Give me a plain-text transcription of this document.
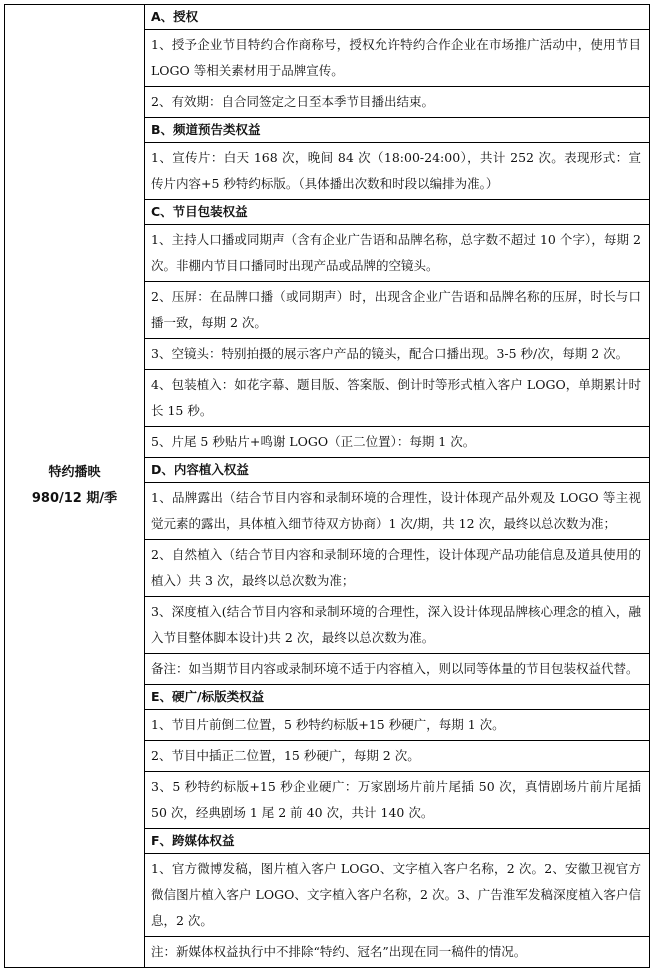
特约播映
980/12 期/季

A、授权
1、授予企业节目特约合作商称号，授权允许特约合作企业在市场推广活动中，使用节目 LOGO 等相关素材用于品牌宣传。
2、有效期：自合同签定之日至本季节目播出结束。
B、频道预告类权益
1、宣传片：白天 168 次，晚间 84 次（18:00-24:00），共计 252 次。表现形式：宣传片内容+5 秒特约标版。（具体播出次数和时段以编排为准。）
C、节目包装权益
1、主持人口播或同期声（含有企业广告语和品牌名称，总字数不超过 10 个字），每期 2 次。非棚内节目口播同时出现产品或品牌的空镜头。
2、压屏：在品牌口播（或同期声）时，出现含企业广告语和品牌名称的压屏，时长与口播一致，每期 2 次。
3、空镜头：特别拍摄的展示客户产品的镜头，配合口播出现。3-5 秒/次，每期 2 次。
4、包装植入：如花字幕、题目版、答案版、倒计时等形式植入客户 LOGO，单期累计时长 15 秒。
5、片尾 5 秒贴片+鸣谢 LOGO（正二位置）：每期 1 次。
D、内容植入权益
1、品牌露出（结合节目内容和录制环境的合理性，设计体现产品外观及 LOGO 等主视觉元素的露出，具体植入细节待双方协商）1 次/期，共 12 次，最终以总次数为准；
2、自然植入（结合节目内容和录制环境的合理性，设计体现产品功能信息及道具使用的植入）共 3 次，最终以总次数为准；
3、深度植入(结合节目内容和录制环境的合理性，深入设计体现品牌核心理念的植入，融入节目整体脚本设计)共 2 次，最终以总次数为准。
备注：如当期节目内容或录制环境不适于内容植入，则以同等体量的节目包装权益代替。
E、硬广/标版类权益
1、节目片前倒二位置，5 秒特约标版+15 秒硬广，每期 1 次。
2、节目中插正二位置，15 秒硬广，每期 2 次。
3、5 秒特约标版+15 秒企业硬广：万家剧场片前片尾插 50 次，真情剧场片前片尾插 50 次，经典剧场 1 尾 2 前 40 次，共计 140 次。
F、跨媒体权益
1、官方微博发稿，图片植入客户 LOGO、文字植入客户名称，2 次。2、安徽卫视官方微信图片植入客户 LOGO、文字植入客户名称，2 次。3、广告淮军发稿深度植入客户信息，2 次。
注：新媒体权益执行中不排除“特约、冠名”出现在同一稿件的情况。
